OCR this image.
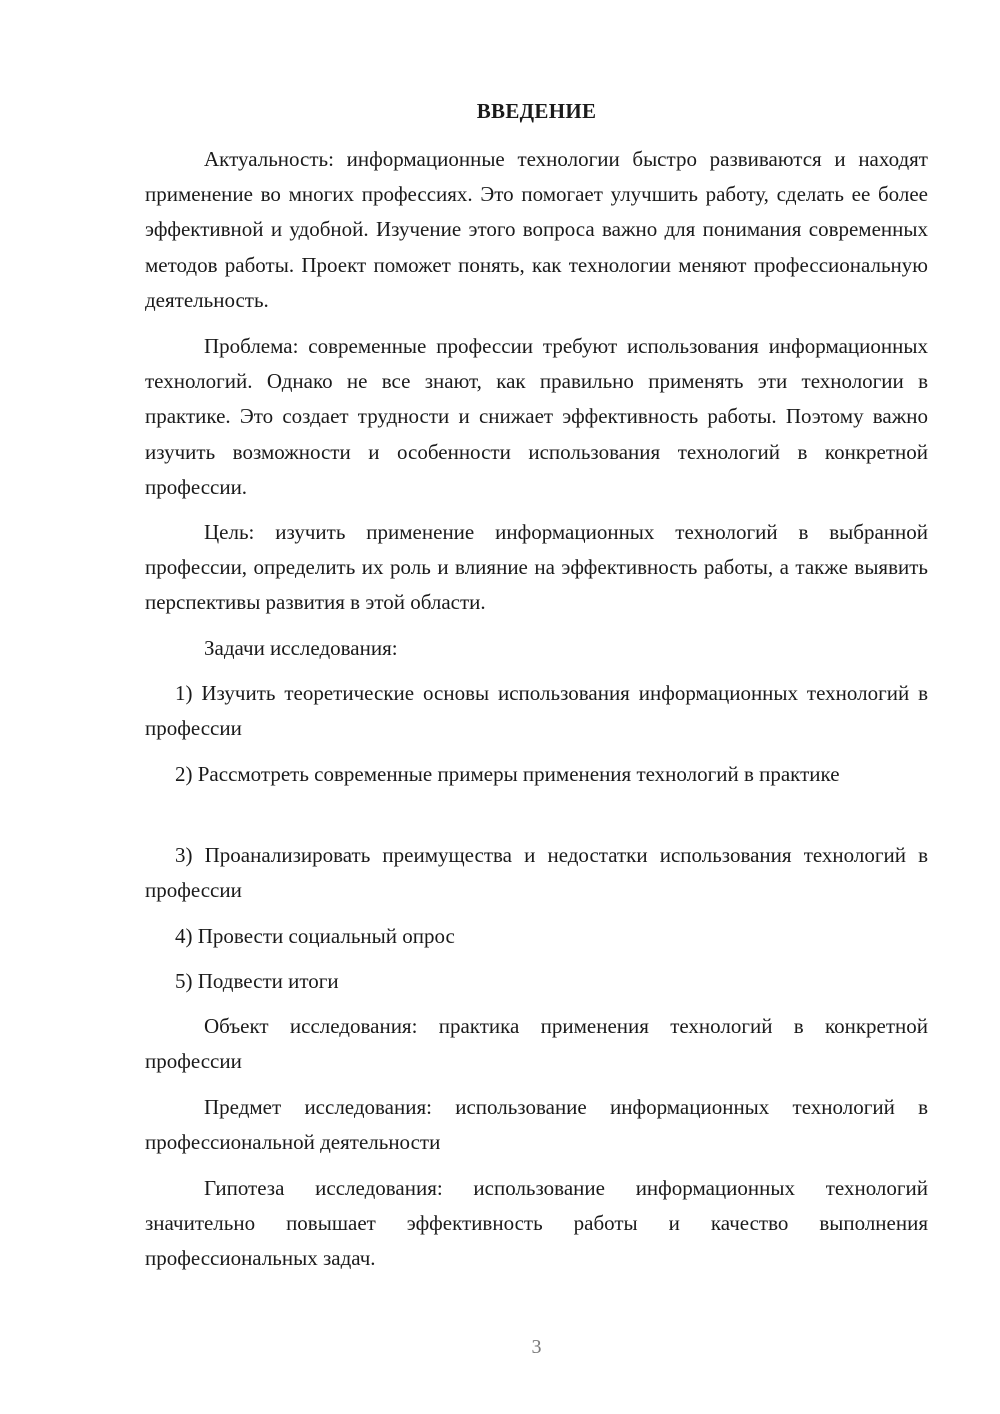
ВВЕДЕНИЕ

Актуальность: информационные технологии быстро развиваются и находят применение во многих профессиях. Это помогает улучшить работу, сделать ее более эффективной и удобной. Изучение этого вопроса важно для понимания современных методов работы. Проект поможет понять, как технологии меняют профессиональную деятельность.

Проблема: современные профессии требуют использования информационных технологий. Однако не все знают, как правильно применять эти технологии в практике. Это создает трудности и снижает эффективность работы. Поэтому важно изучить возможности и особенности использования технологий в конкретной профессии.

Цель: изучить применение информационных технологий в выбранной профессии, определить их роль и влияние на эффективность работы, а также выявить перспективы развития в этой области.

Задачи исследования:

1) Изучить теоретические основы использования информационных технологий в профессии

2) Рассмотреть современные примеры применения технологий в практике

3) Проанализировать преимущества и недостатки использования технологий в профессии

4) Провести социальный опрос

5) Подвести итоги

Объект исследования: практика применения технологий в конкретной профессии

Предмет исследования: использование информационных технологий в профессиональной деятельности

Гипотеза исследования: использование информационных технологий значительно повышает эффективность работы и качество выполнения профессиональных задач.

3
